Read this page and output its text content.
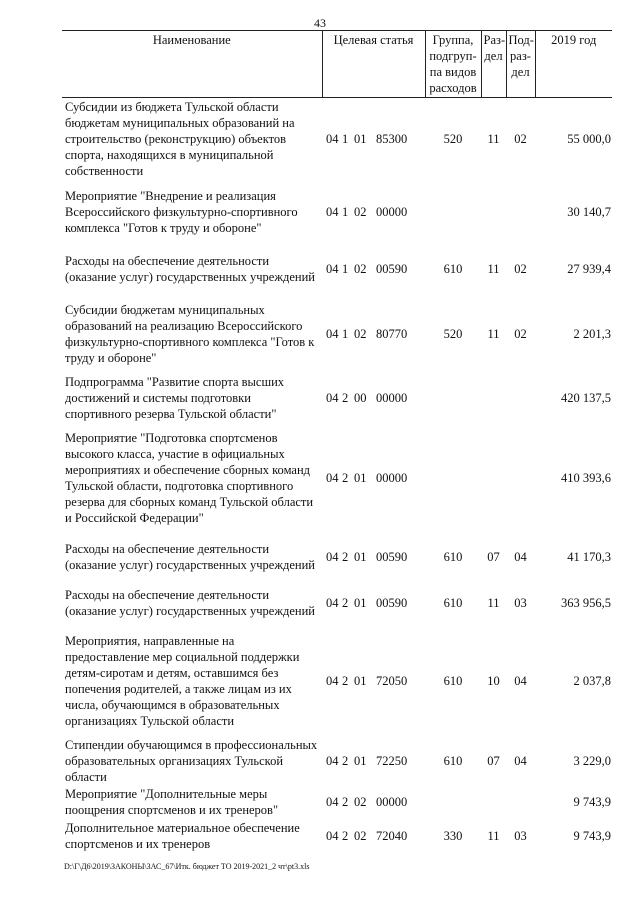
43
Наименование	Целевая статья	Группа, подгруп-па видов расходов	Раз-дел	Под-раз-дел	2019 год
Субсидии из бюджета Тульской области бюджетам муниципальных образований на строительство (реконструкцию) объектов спорта, находящихся в муниципальной собственности	04 1 01 85300	520	11	02	55 000,0
Мероприятие "Внедрение и реализация Всероссийского физкультурно-спортивного комплекса "Готов к труду и обороне"	04 1 02 00000				30 140,7
Расходы на обеспечение деятельности (оказание услуг) государственных учреждений	04 1 02 00590	610	11	02	27 939,4
Субсидии бюджетам муниципальных образований на реализацию Всероссийского физкультурно-спортивного комплекса "Готов к труду и обороне"	04 1 02 80770	520	11	02	2 201,3
Подпрограмма "Развитие спорта высших достижений и системы подготовки спортивного резерва Тульской области"	04 2 00 00000				420 137,5
Мероприятие "Подготовка спортсменов высокого класса, участие в официальных мероприятиях и обеспечение сборных команд Тульской области, подготовка спортивного резерва для сборных команд Тульской области и Российской Федерации"	04 2 01 00000				410 393,6
Расходы на обеспечение деятельности (оказание услуг) государственных учреждений	04 2 01 00590	610	07	04	41 170,3
Расходы на обеспечение деятельности (оказание услуг) государственных учреждений	04 2 01 00590	610	11	03	363 956,5
Мероприятия, направленные на предоставление мер социальной поддержки детям-сиротам и детям, оставшимся без попечения родителей, а также лицам из их числа, обучающимся в образовательных организациях Тульской области	04 2 01 72050	610	10	04	2 037,8
Стипендии обучающимся в профессиональных образовательных организациях Тульской области	04 2 01 72250	610	07	04	3 229,0
Мероприятие "Дополнительные меры поощрения спортсменов и их тренеров"	04 2 02 00000				9 743,9
Дополнительное материальное обеспечение спортсменов и их тренеров	04 2 02 72040	330	11	03	9 743,9
D:\Г\Д6\2019\ЗАКОНЫ\ЗАС_67\Итк. бюджет ТО 2019-2021_2 чт\рt3.xls
